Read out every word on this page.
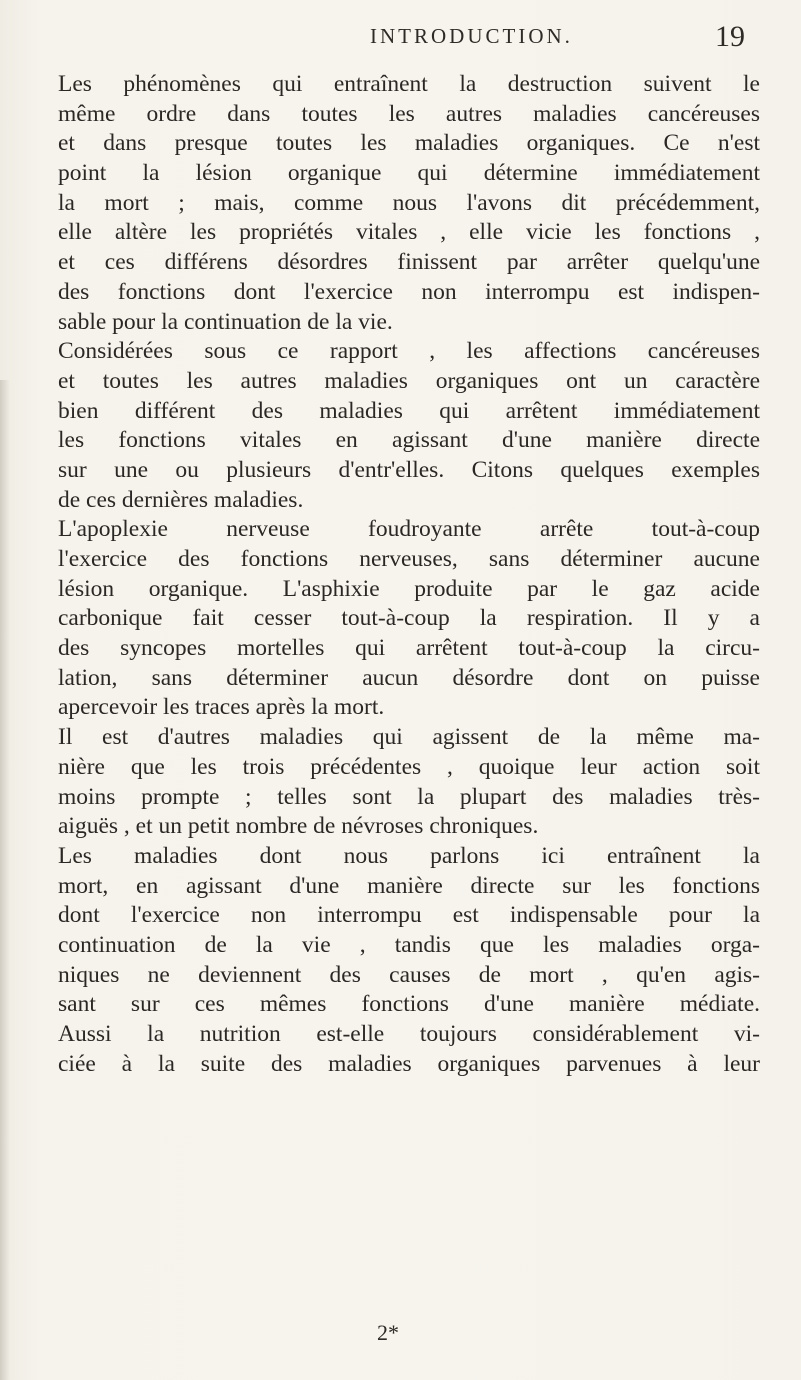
INTRODUCTION.	19
Les phénomènes qui entraînent la destruction suivent le
même ordre dans toutes les autres maladies cancéreuses
et dans presque toutes les maladies organiques. Ce n'est
point la lésion organique qui détermine immédiatement
la mort ; mais, comme nous l'avons dit précédemment,
elle altère les propriétés vitales , elle vicie les fonctions ,
et ces différens désordres finissent par arrêter quelqu'une
des fonctions dont l'exercice non interrompu est indispen-
sable pour la continuation de la vie.
Considérées sous ce rapport , les affections cancéreuses
et toutes les autres maladies organiques ont un caractère
bien différent des maladies qui arrêtent immédiatement
les fonctions vitales en agissant d'une manière directe
sur une ou plusieurs d'entr'elles. Citons quelques exemples
de ces dernières maladies.
L'apoplexie nerveuse foudroyante arrête tout-à-coup
l'exercice des fonctions nerveuses, sans déterminer aucune
lésion organique. L'asphixie produite par le gaz acide
carbonique fait cesser tout-à-coup la respiration. Il y a
des syncopes mortelles qui arrêtent tout-à-coup la circu-
lation, sans déterminer aucun désordre dont on puisse
apercevoir les traces après la mort.
Il est d'autres maladies qui agissent de la même ma-
nière que les trois précédentes , quoique leur action soit
moins prompte ; telles sont la plupart des maladies très-
aiguës , et un petit nombre de névroses chroniques.
Les maladies dont nous parlons ici entraînent la
mort, en agissant d'une manière directe sur les fonctions
dont l'exercice non interrompu est indispensable pour la
continuation de la vie , tandis que les maladies orga-
niques ne deviennent des causes de mort , qu'en agis-
sant sur ces mêmes fonctions d'une manière médiate.
Aussi la nutrition est-elle toujours considérablement vi-
ciée à la suite des maladies organiques parvenues à leur
2*
